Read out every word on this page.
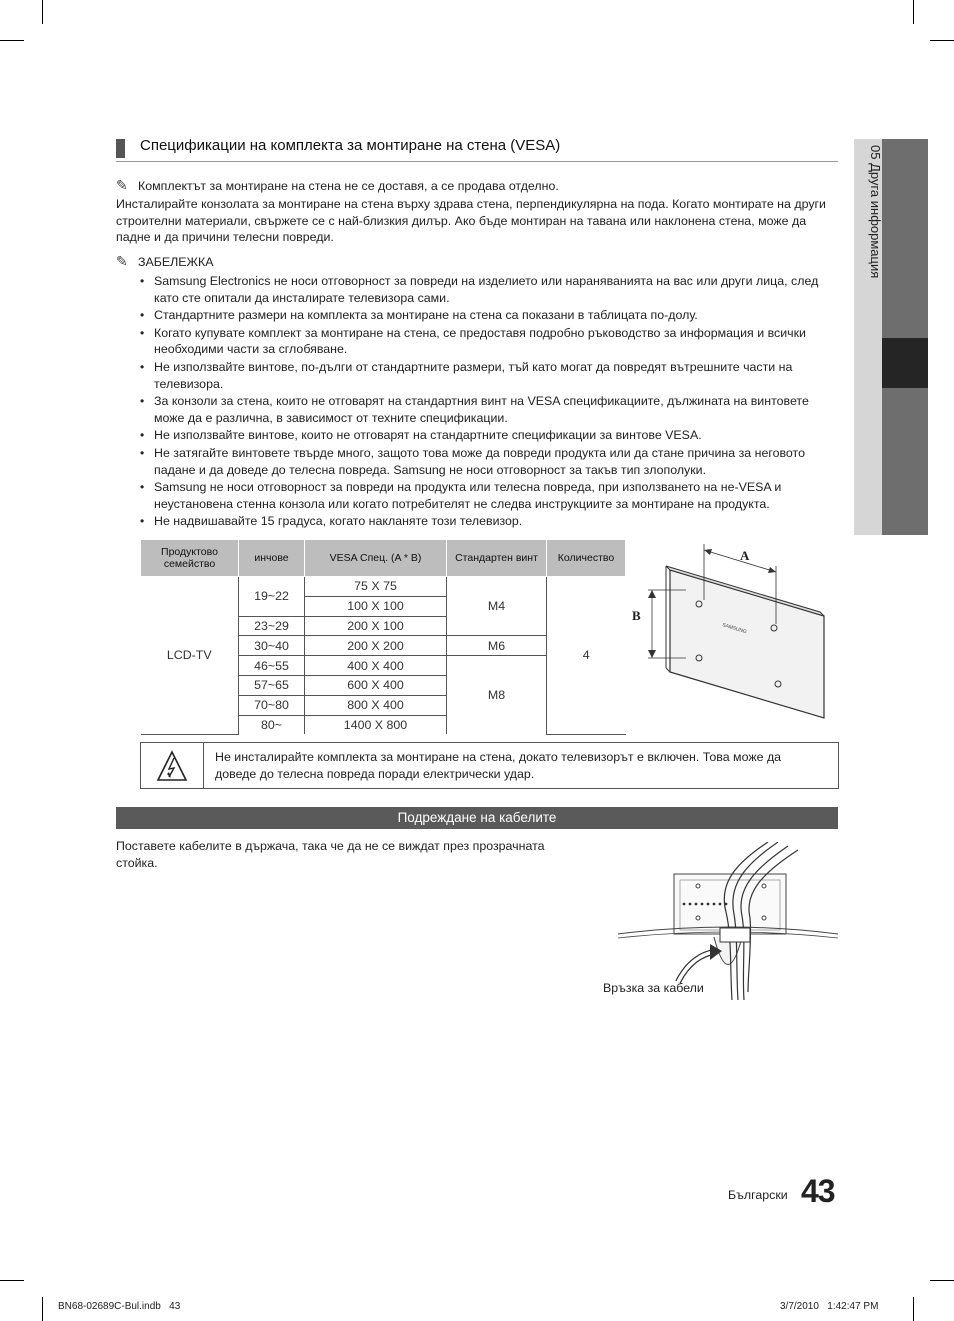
05 Друга информация
Спецификации на комплекта за монтиране на стена (VESA)
✎ Комплектът за монтиране на стена не се доставя, а се продава отделно.
Инсталирайте конзолата за монтиране на стена върху здрава стена, перпендикулярна на пода. Когато монтирате на други строителни материали, свържете се с най-близкия дилър. Ако бъде монтиран на тавана или наклонена стена, може да падне и да причини телесни повреди.
✎ ЗАБЕЛЕЖКА
• Samsung Electronics не носи отговорност за повреди на изделието или нараняванията на вас или други лица, след като сте опитали да инсталирате телевизора сами.
• Стандартните размери на комплекта за монтиране на стена са показани в таблицата по-долу.
• Когато купувате комплект за монтиране на стена, се предоставя подробно ръководство за информация и всички необходими части за сглобяване.
• Не използвайте винтове, по-дълги от стандартните размери, тъй като могат да повредят вътрешните части на телевизора.
• За конзоли за стена, които не отговарят на стандартния винт на VESA спецификациите, дължината на винтовете може да е различна, в зависимост от техните спецификации.
• Не използвайте винтове, които не отговарят на стандартните спецификации за винтове VESA.
• Не затягайте винтовете твърде много, защото това може да повреди продукта или да стане причина за неговото падане и да доведе до телесна повреда. Samsung не носи отговорност за такъв тип злополуки.
• Samsung не носи отговорност за повреди на продукта или телесна повреда, при използването на не-VESA и неустановена стенна конзола или когато потребителят не следва инструкциите за монтиране на продукта.
• Не надвишавайте 15 градуса, когато накланяте този телевизор.
Продуктово семейство	инчове	VESA Спец. (A * B)	Стандартен винт	Количество
LCD-TV	19~22	75 X 75	M4	4
		100 X 100		
	23~29	200 X 100		
	30~40	200 X 200	M6	
	46~55	400 X 400	M8	
	57~65	600 X 400		
	70~80	800 X 400		
	80~	1400 X 800		
A
B
SAMSUNG
Не инсталирайте комплекта за монтиране на стена, докато телевизорът е включен. Това може да доведе до телесна повреда поради електрически удар.
Подреждане на кабелите
Поставете кабелите в държача, така че да не се виждат през прозрачната стойка.
Връзка за кабели
Български 43
BN68-02689C-Bul.indb   43	3/7/2010   1:42:47 PM
